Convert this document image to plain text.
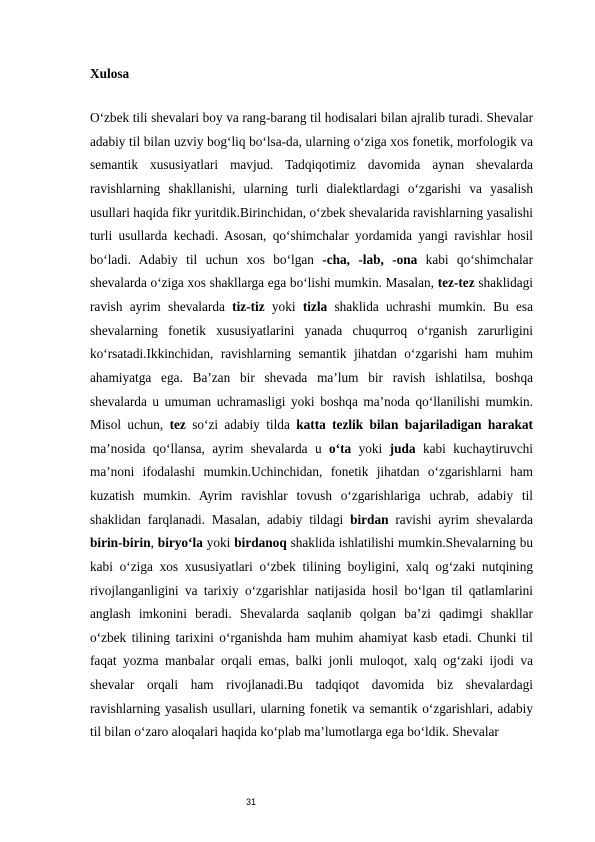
Xulosa

O‘zbek tili shevalari boy va rang-barang til hodisalari bilan ajralib turadi. Shevalar adabiy til bilan uzviy bog‘liq bo‘lsa-da, ularning o‘ziga xos fonetik, morfologik va semantik xususiyatlari mavjud. Tadqiqotimiz davomida aynan shevalarda ravishlarning shakllanishi, ularning turli dialektlardagi o‘zgarishi va yasalish usullari haqida fikr yuritdik.Birinchidan, o‘zbek shevalarida ravishlarning yasalishi turli usullarda kechadi. Asosan, qo‘shimchalar yordamida yangi ravishlar hosil bo‘ladi. Adabiy til uchun xos bo‘lgan -cha, -lab, -ona kabi qo‘shimchalar shevalarda o‘ziga xos shakllarga ega bo‘lishi mumkin. Masalan, tez-tez shaklidagi ravish ayrim shevalarda tiz-tiz yoki tizla shaklida uchrashi mumkin. Bu esa shevalarning fonetik xususiyatlarini yanada chuqurroq o‘rganish zarurligini ko‘rsatadi.Ikkinchidan, ravishlarning semantik jihatdan o‘zgarishi ham muhim ahamiyatga ega. Ba’zan bir shevada ma’lum bir ravish ishlatilsa, boshqa shevalarda u umuman uchramasligi yoki boshqa ma’noda qo‘llanilishi mumkin. Misol uchun, tez so‘zi adabiy tilda katta tezlik bilan bajariladigan harakat ma’nosida qo‘llansa, ayrim shevalarda u o‘ta yoki juda kabi kuchaytiruvchi ma’noni ifodalashi mumkin.Uchinchidan, fonetik jihatdan o‘zgarishlarni ham kuzatish mumkin. Ayrim ravishlar tovush o‘zgarishlariga uchrab, adabiy til shaklidan farqlanadi. Masalan, adabiy tildagi birdan ravishi ayrim shevalarda birin-birin, biryo‘la yoki birdanoq shaklida ishlatilishi mumkin.Shevalarning bu kabi o‘ziga xos xususiyatlari o‘zbek tilining boyligini, xalq og‘zaki nutqining rivojlanganligini va tarixiy o‘zgarishlar natijasida hosil bo‘lgan til qatlamlarini anglash imkonini beradi. Shevalarda saqlanib qolgan ba’zi qadimgi shakllar o‘zbek tilining tarixini o‘rganishda ham muhim ahamiyat kasb etadi. Chunki til faqat yozma manbalar orqali emas, balki jonli muloqot, xalq og‘zaki ijodi va shevalar orqali ham rivojlanadi.Bu tadqiqot davomida biz shevalardagi ravishlarning yasalish usullari, ularning fonetik va semantik o‘zgarishlari, adabiy til bilan o‘zaro aloqalari haqida ko‘plab ma’lumotlarga ega bo‘ldik. Shevalar

31
